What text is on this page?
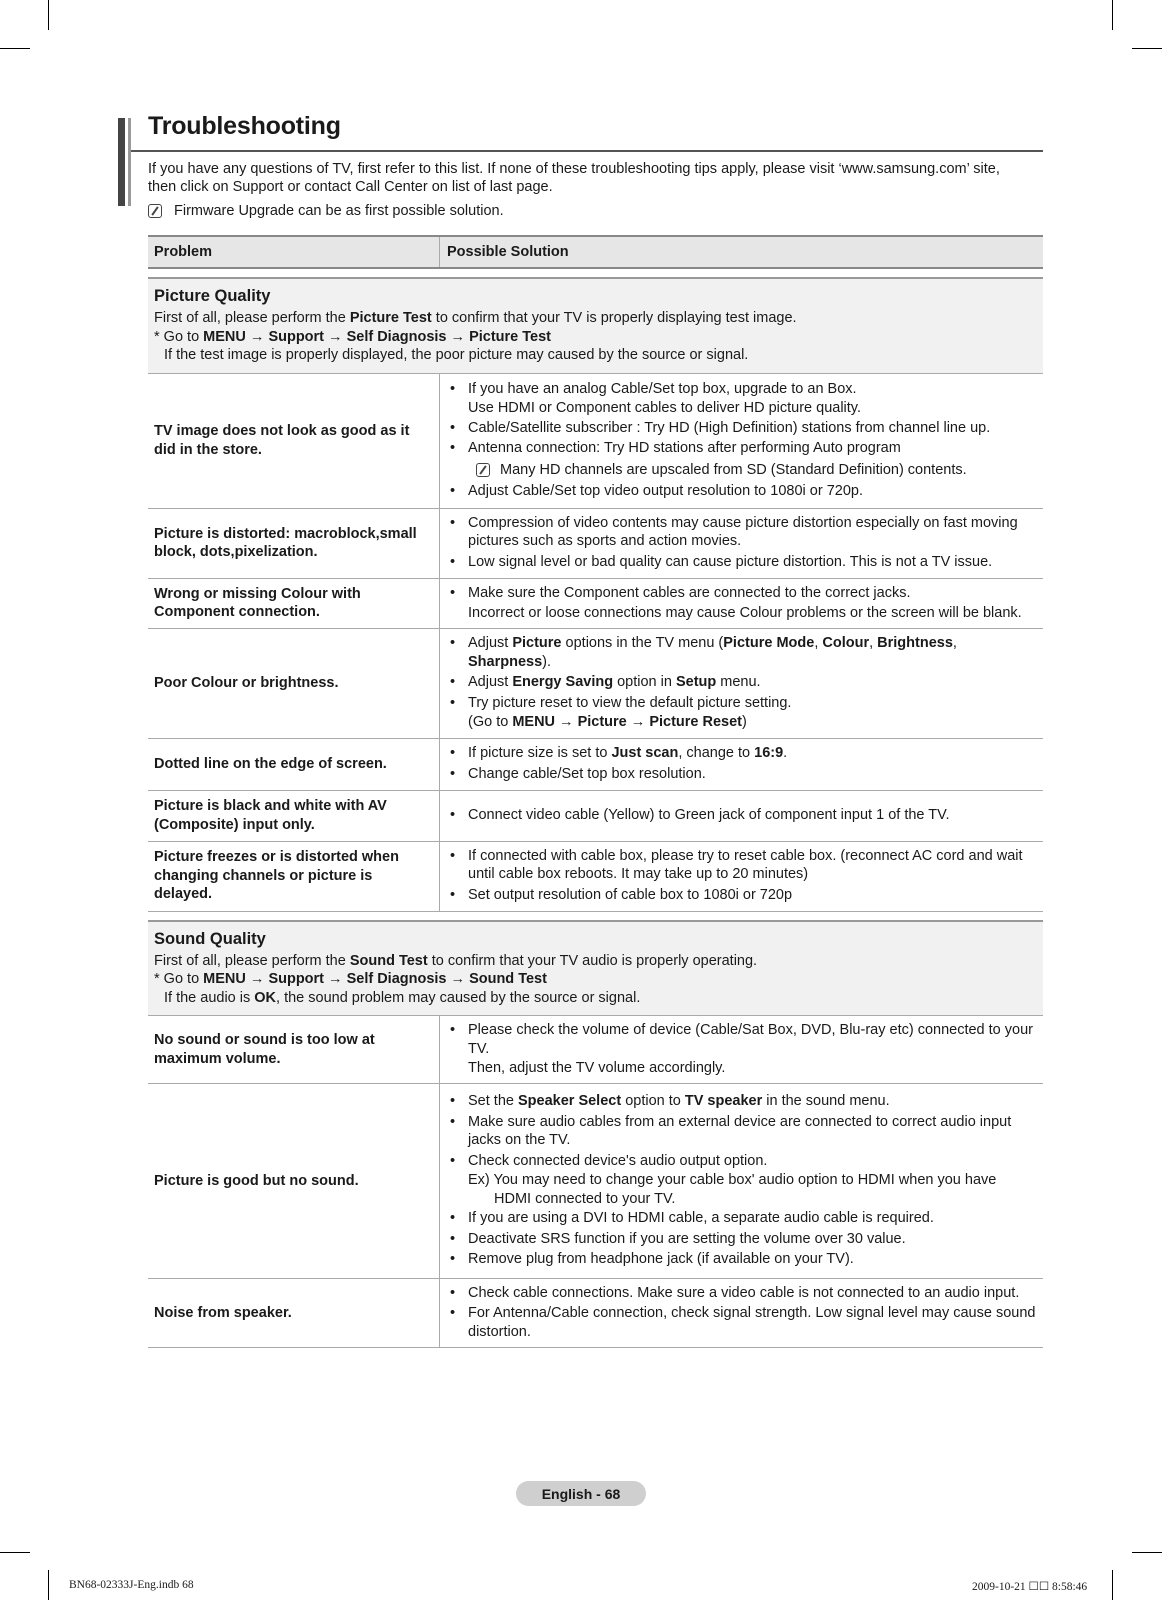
Troubleshooting
If you have any questions of TV, first refer to this list. If none of these troubleshooting tips apply, please visit ‘www.samsung.com’ site, then click on Support or contact Call Center on list of last page.
Firmware Upgrade can be as first possible solution.
Problem	Possible Solution
Picture Quality
First of all, please perform the Picture Test to confirm that your TV is properly displaying test image.
* Go to MENU → Support → Self Diagnosis → Picture Test
If the test image is properly displayed, the poor picture may caused by the source or signal.
TV image does not look as good as it did in the store.
• If you have an analog Cable/Set top box, upgrade to an Box.
Use HDMI or Component cables to deliver HD picture quality.
• Cable/Satellite subscriber : Try HD (High Definition) stations from channel line up.
• Antenna connection: Try HD stations after performing Auto program
Many HD channels are upscaled from SD (Standard Definition) contents.
• Adjust Cable/Set top video output resolution to 1080i or 720p.
Picture is distorted: macroblock,small block, dots,pixelization.
• Compression of video contents may cause picture distortion especially on fast moving pictures such as sports and action movies.
• Low signal level or bad quality can cause picture distortion. This is not a TV issue.
Wrong or missing Colour with Component connection.
• Make sure the Component cables are connected to the correct jacks.
Incorrect or loose connections may cause Colour problems or the screen will be blank.
Poor Colour or brightness.
• Adjust Picture options in the TV menu (Picture Mode, Colour, Brightness, Sharpness).
• Adjust Energy Saving option in Setup menu.
• Try picture reset to view the default picture setting.
(Go to MENU → Picture → Picture Reset)
Dotted line on the edge of screen.
• If picture size is set to Just scan, change to 16:9.
• Change cable/Set top box resolution.
Picture is black and white with AV (Composite) input only.
• Connect video cable (Yellow) to Green jack of component input 1 of the TV.
Picture freezes or is distorted when changing channels or picture is delayed.
• If connected with cable box, please try to reset cable box. (reconnect AC cord and wait until cable box reboots. It may take up to 20 minutes)
• Set output resolution of cable box to 1080i or 720p
Sound Quality
First of all, please perform the Sound Test to confirm that your TV audio is properly operating.
* Go to MENU → Support → Self Diagnosis → Sound Test
If the audio is OK, the sound problem may caused by the source or signal.
No sound or sound is too low at maximum volume.
• Please check the volume of device (Cable/Sat Box, DVD, Blu-ray etc) connected to your TV.
Then, adjust the TV volume accordingly.
Picture is good but no sound.
• Set the Speaker Select option to TV speaker in the sound menu.
• Make sure audio cables from an external device are connected to correct audio input jacks on the TV.
• Check connected device's audio output option.
Ex) You may need to change your cable box' audio option to HDMI when you have
HDMI connected to your TV.
• If you are using a DVI to HDMI cable, a separate audio cable is required.
• Deactivate SRS function if you are setting the volume over 30 value.
• Remove plug from headphone jack (if available on your TV).
Noise from speaker.
• Check cable connections. Make sure a video cable is not connected to an audio input.
• For Antenna/Cable connection, check signal strength. Low signal level may cause sound distortion.
English - 68
BN68-02333J-Eng.indb 68	2009-10-21 ☐☐ 8:58:46
